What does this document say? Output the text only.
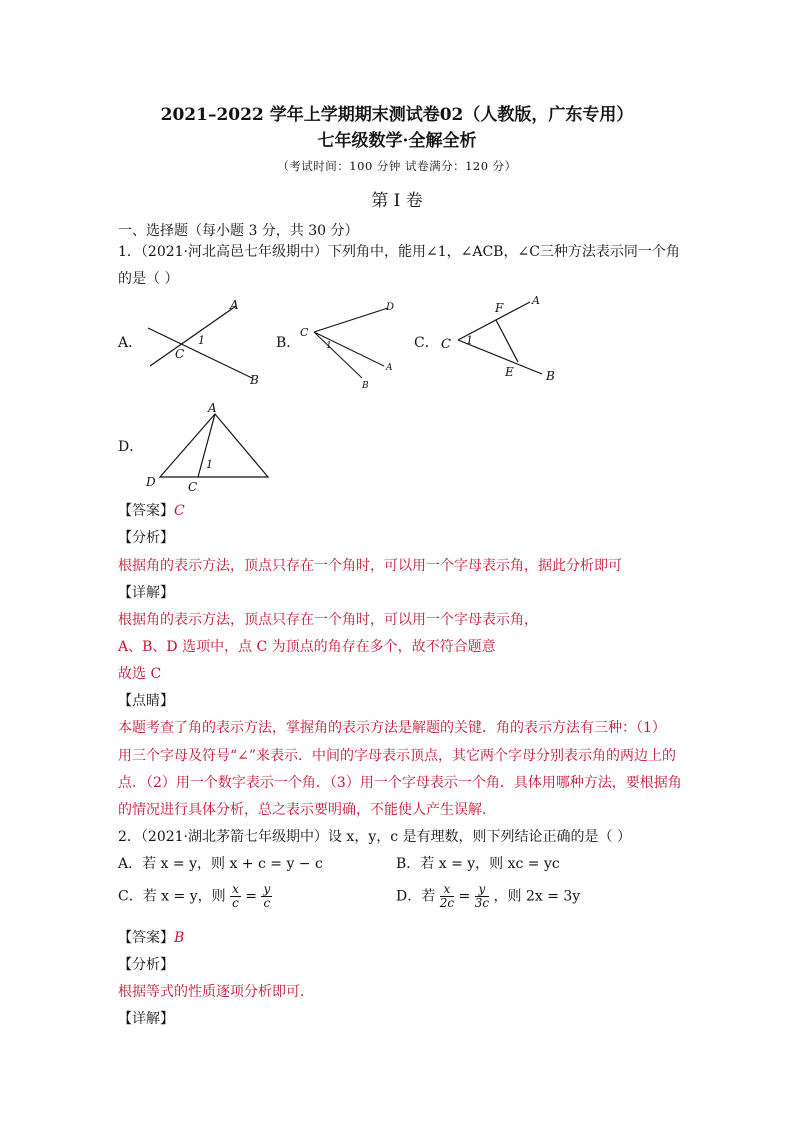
2021–2022 学年上学期期末测试卷02（人教版，广东专用）
七年级数学·全解全析
（考试时间：100 分钟 试卷满分：120 分）
第 I 卷
一、选择题（每小题 3 分，共 30 分）
1．（2021·河北高邑七年级期中）下列角中，能用∠1，∠ACB，∠C三种方法表示同一个角
的是（ ）
A．	B．	C．
D．
A
B
C
1
D
C
1
A
B
F
A
C 1
E	B
A
1
D	C
【答案】C
【分析】
根据角的表示方法，顶点只存在一个角时，可以用一个字母表示角，据此分析即可
【详解】
根据角的表示方法，顶点只存在一个角时，可以用一个字母表示角，
A、B、D 选项中，点 C 为顶点的角存在多个，故不符合题意
故选 C
【点睛】
本题考查了角的表示方法，掌握角的表示方法是解题的关键．角的表示方法有三种：（1）
用三个字母及符号“∠”来表示．中间的字母表示顶点，其它两个字母分别表示角的两边上的
点．（2）用一个数字表示一个角．（3）用一个字母表示一个角．具体用哪种方法，要根据角
的情况进行具体分析，总之表示要明确，不能使人产生误解．
2．（2021·湖北茅箭七年级期中）设 x，y，c 是有理数，则下列结论正确的是（ ）
A．若 x = y，则 x + c = y − c	B．若 x = y，则 xc = yc
C．若 x = y，则 $\frac{x}{c} = \frac{y}{c}$	D．若 $\frac{x}{2c} = \frac{y}{3c}$ ，则 2x = 3y
【答案】B
【分析】
根据等式的性质逐项分析即可．
【详解】
